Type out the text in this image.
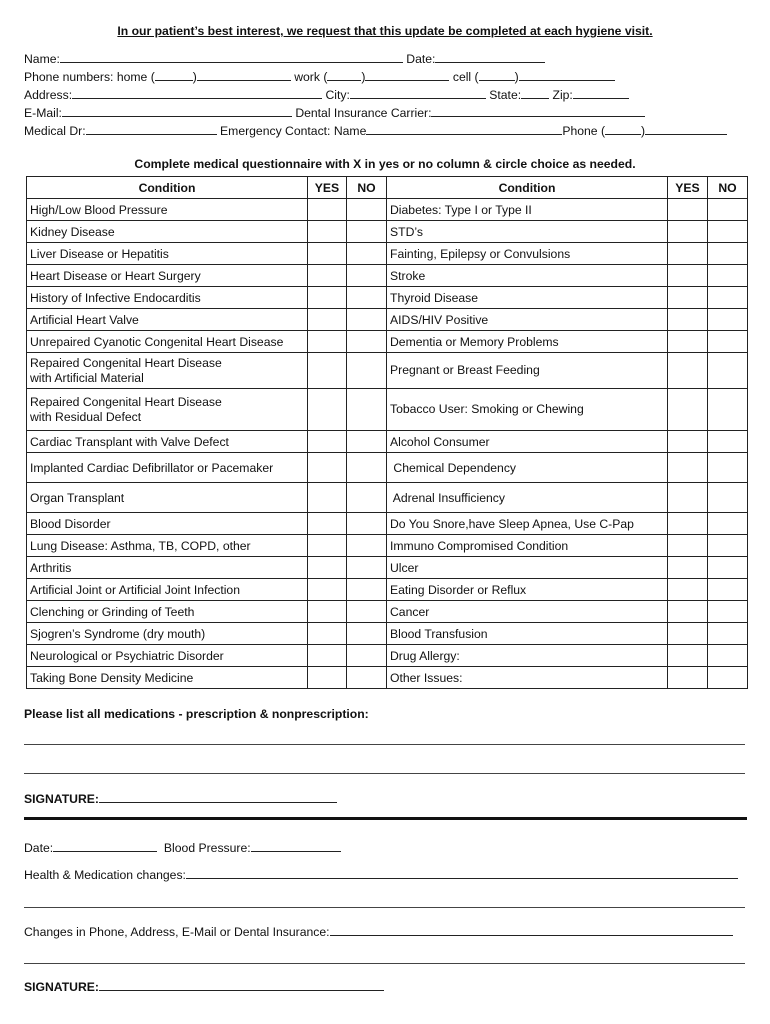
In our patient’s best interest, we request that this update be completed at each hygiene visit.
Name:	Date:
Phone numbers: home (	)	work (	)	cell (	)
Address:	City:	State:	Zip:
E-Mail:	Dental Insurance Carrier:
Medical Dr:	Emergency Contact: Name	Phone (	)
Complete medical questionnaire with X in yes or no column & circle choice as needed.
Condition	YES	NO	Condition	YES	NO
High/Low Blood Pressure			Diabetes: Type I or Type II		
Kidney Disease			STD’s		
Liver Disease or Hepatitis			Fainting, Epilepsy or Convulsions		
Heart Disease or Heart Surgery			Stroke		
History of Infective Endocarditis			Thyroid Disease		
Artificial Heart Valve			AIDS/HIV Positive		
Unrepaired Cyanotic Congenital Heart Disease			Dementia or Memory Problems		
Repaired Congenital Heart Disease
with Artificial Material			Pregnant or Breast Feeding		
Repaired Congenital Heart Disease
with Residual Defect			Tobacco User: Smoking or Chewing		
Cardiac Transplant with Valve Defect			Alcohol Consumer		
Implanted Cardiac Defibrillator or Pacemaker			Chemical Dependency		
Organ Transplant			Adrenal Insufficiency		
Blood Disorder			Do You Snore,have Sleep Apnea, Use C-Pap		
Lung Disease: Asthma, TB, COPD, other			Immuno Compromised Condition		
Arthritis			Ulcer		
Artificial Joint or Artificial Joint Infection			Eating Disorder or Reflux		
Clenching or Grinding of Teeth			Cancer		
Sjogren’s Syndrome (dry mouth)			Blood Transfusion		
Neurological or Psychiatric Disorder			Drug Allergy:		
Taking Bone Density Medicine			Other Issues:		
Please list all medications - prescription & nonprescription:
SIGNATURE:
Date:	Blood Pressure:
Health & Medication changes:
Changes in Phone, Address, E-Mail or Dental Insurance:
SIGNATURE:
